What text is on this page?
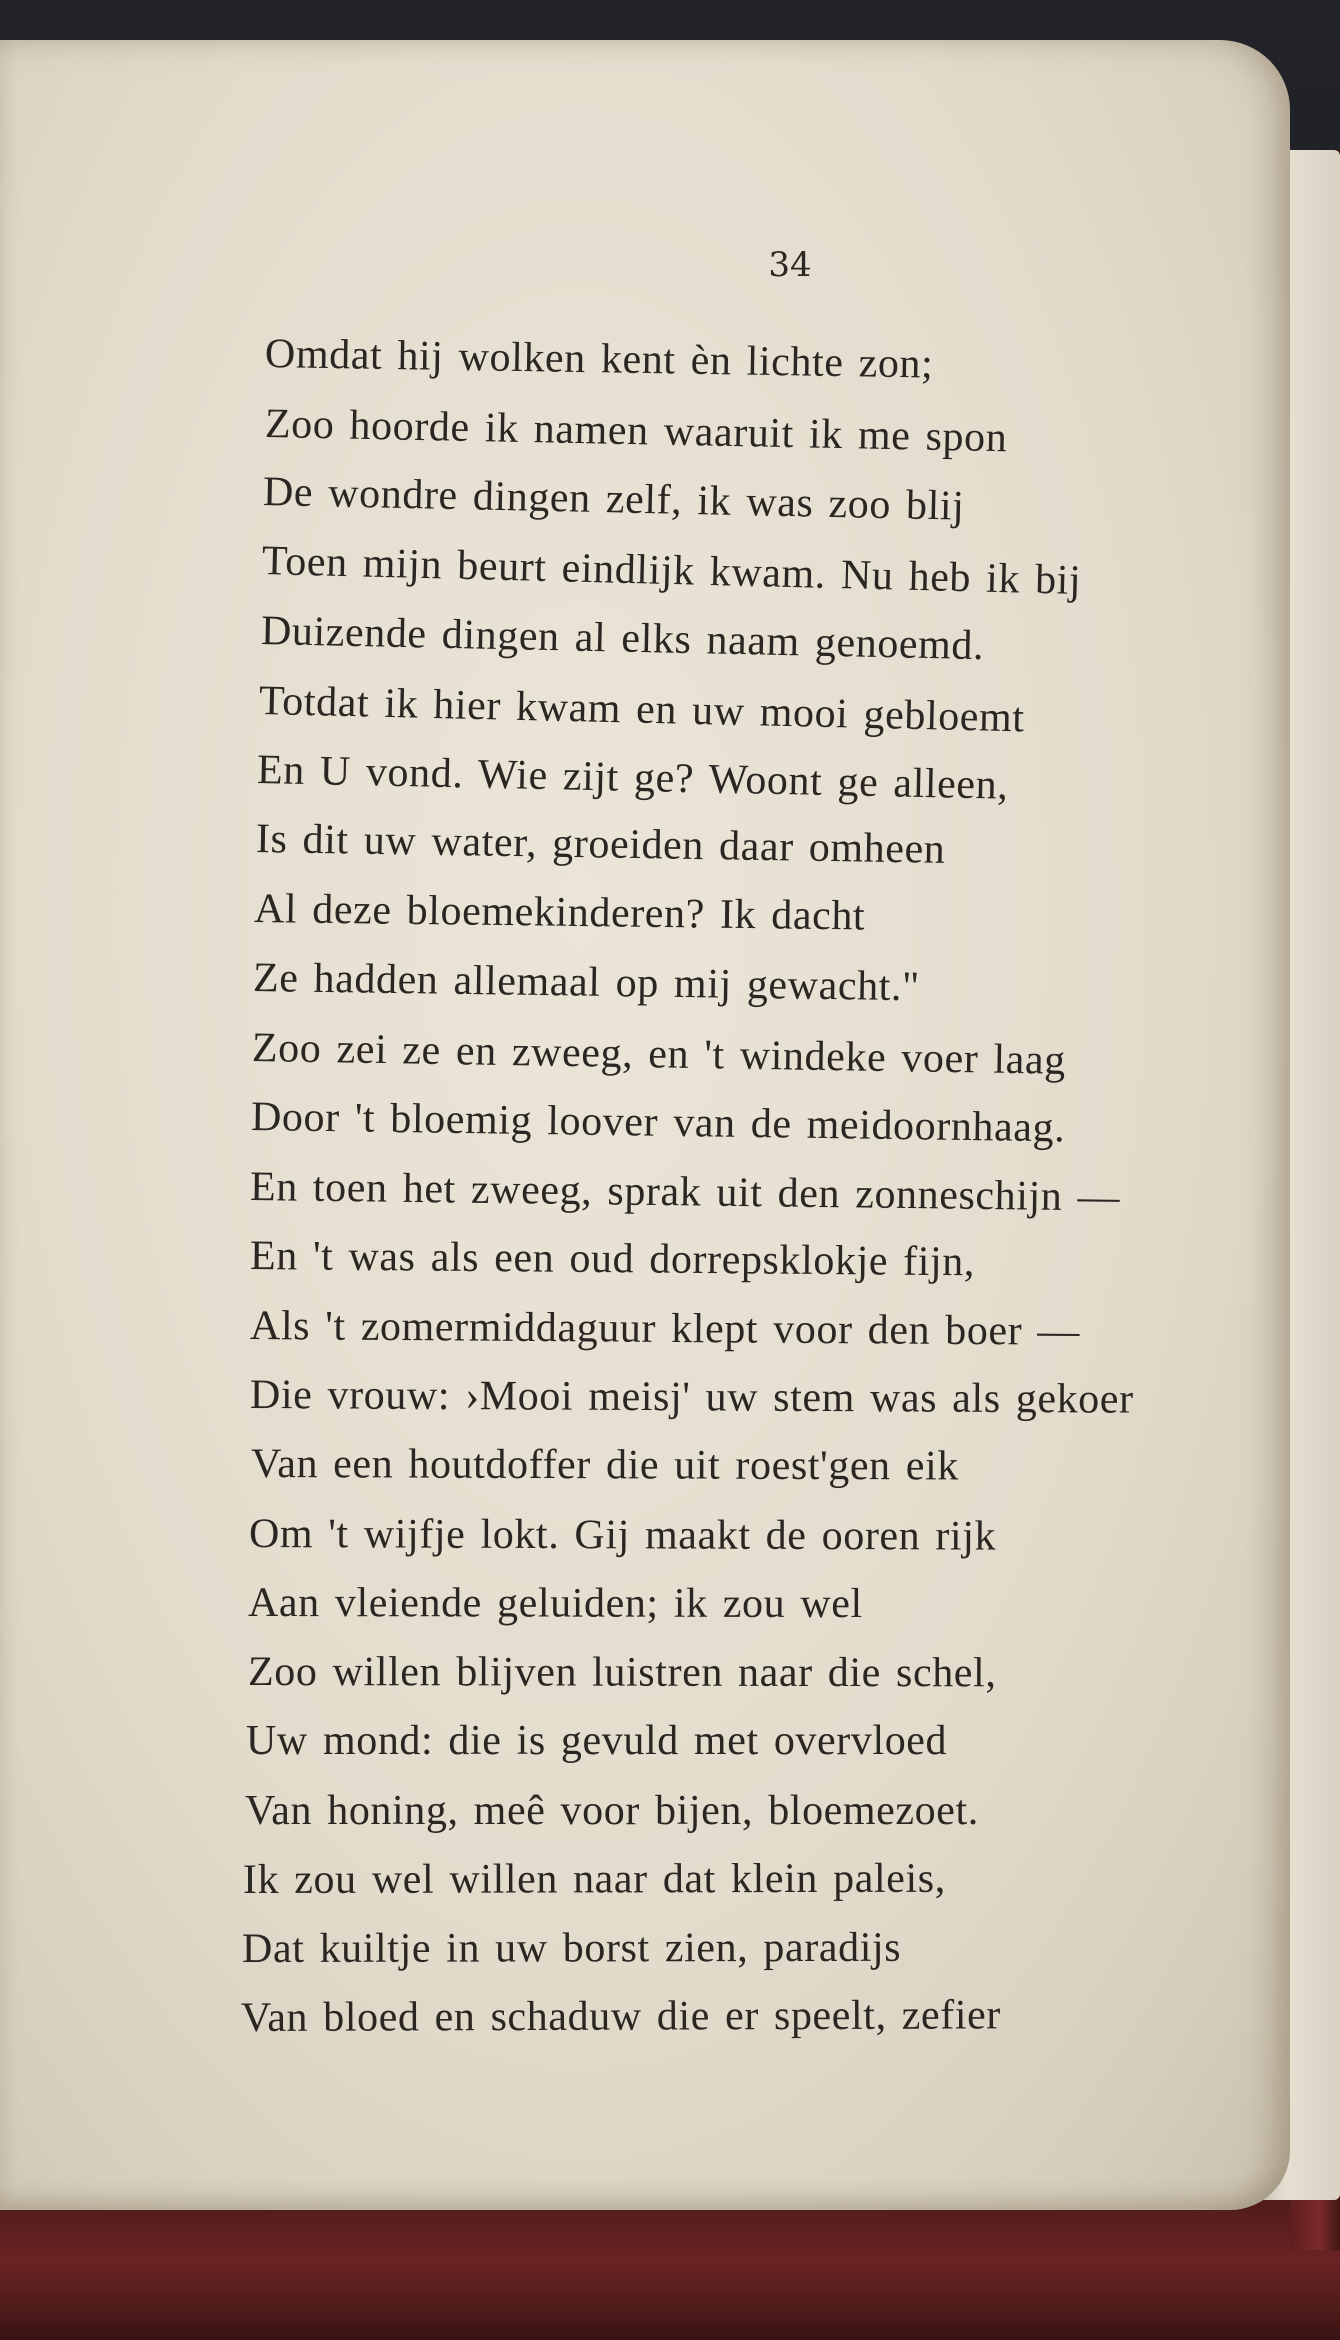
34
Omdat hij wolken kent èn lichte zon;
Zoo hoorde ik namen waaruit ik me spon
De wondre dingen zelf, ik was zoo blij
Toen mijn beurt eindlijk kwam. Nu heb ik bij
Duizende dingen al elks naam genoemd.
Totdat ik hier kwam en uw mooi gebloemt
En U vond. Wie zijt ge? Woont ge alleen,
Is dit uw water, groeiden daar omheen
Al deze bloemekinderen? Ik dacht
Ze hadden allemaal op mij gewacht."
Zoo zei ze en zweeg, en 't windeke voer laag
Door 't bloemig loover van de meidoornhaag.
En toen het zweeg, sprak uit den zonneschijn —
En 't was als een oud dorrepsklokje fijn,
Als 't zomermiddaguur klept voor den boer —
Die vrouw: ›Mooi meisj' uw stem was als gekoer
Van een houtdoffer die uit roest'gen eik
Om 't wijfje lokt. Gij maakt de ooren rijk
Aan vleiende geluiden; ik zou wel
Zoo willen blijven luistren naar die schel,
Uw mond: die is gevuld met overvloed
Van honing, meê voor bijen, bloemezoet.
Ik zou wel willen naar dat klein paleis,
Dat kuiltje in uw borst zien, paradijs
Van bloed en schaduw die er speelt, zefier
